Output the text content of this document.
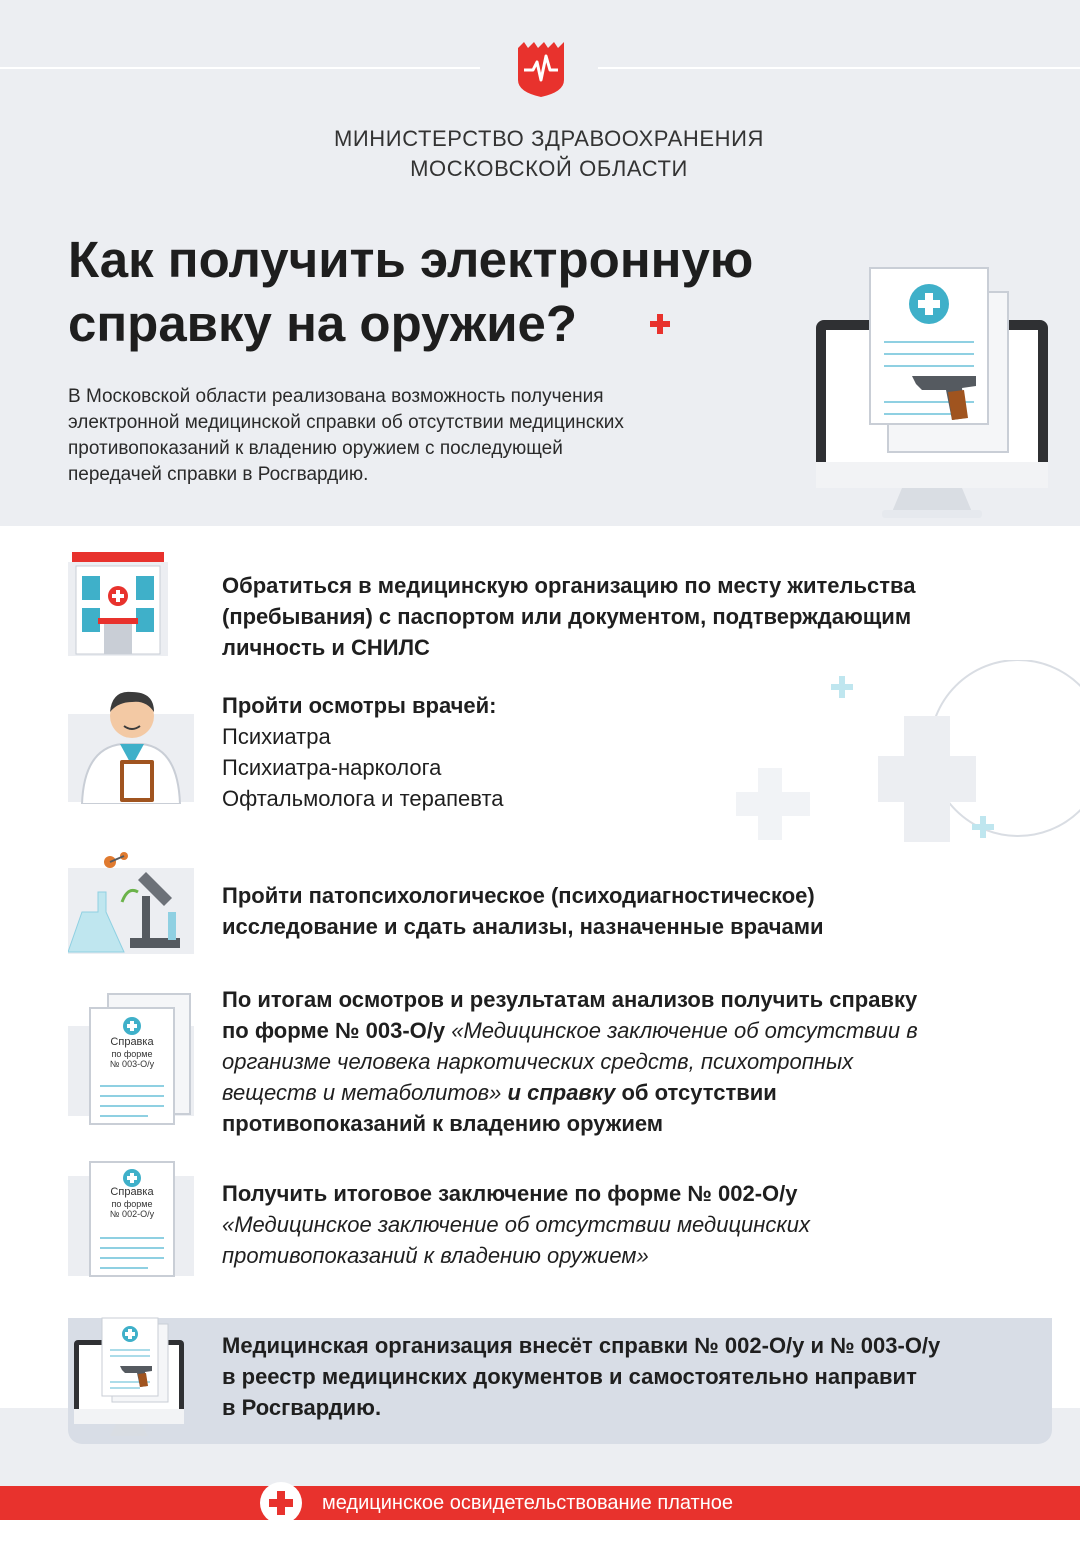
МИНИСТЕРСТВО ЗДРАВООХРАНЕНИЯ
МОСКОВСКОЙ ОБЛАСТИ
Как получить электронную
справку на оружие?
В Московской области реализована возможность получения
электронной медицинской справки об отсутствии медицинских
противопоказаний к владению оружием с последующей
передачей справки в Росгвардию.
Обратиться в медицинскую организацию по месту жительства
(пребывания) с паспортом или документом, подтверждающим
личность и СНИЛС
Пройти осмотры врачей:
Психиатра
Психиатра-нарколога
Офтальмолога и терапевта
Пройти патопсихологическое (психодиагностическое)
исследование и сдать анализы, назначенные врачами
Справка
по форме
№ 003-О/у
По итогам осмотров и результатам анализов получить справку
по форме № 003-О/у «Медицинское заключение об отсутствии в
организме человека наркотических средств, психотропных
веществ и метаболитов» и справку об отсутствии
противопоказаний к владению оружием
Справка
по форме
№ 002-О/у
Получить итоговое заключение по форме № 002-О/у
«Медицинское заключение об отсутствии медицинских
противопоказаний к владению оружием»
Медицинская организация внесёт справки № 002-О/у и № 003-О/у
в реестр медицинских документов и самостоятельно направит
в Росгвардию.
медицинское освидетельствование платное
